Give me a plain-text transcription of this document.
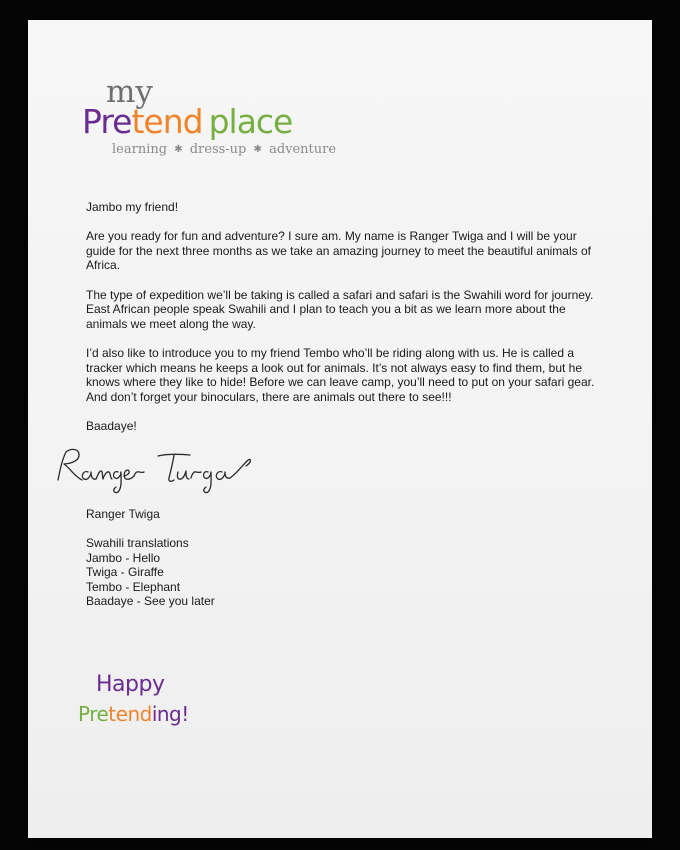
my
Pretend place
learning ✱ dress-up ✱ adventure

Jambo my friend!

Are you ready for fun and adventure? I sure am. My name is Ranger Twiga and I will be your guide for the next three months as we take an amazing journey to meet the beautiful animals of Africa.

The type of expedition we’ll be taking is called a safari and safari is the Swahili word for journey. East African people speak Swahili and I plan to teach you a bit as we learn more about the animals we meet along the way.

I’d also like to introduce you to my friend Tembo who’ll be riding along with us. He is called a tracker which means he keeps a look out for animals. It’s not always easy to find them, but he knows where they like to hide! Before we can leave camp, you’ll need to put on your safari gear. And don’t forget your binoculars, there are animals out there to see!!!

Baadaye!

Ranger Twiga
Swahili translations
Jambo - Hello
Twiga - Giraffe
Tembo - Elephant
Baadaye - See you later
Happy
Pretending!
